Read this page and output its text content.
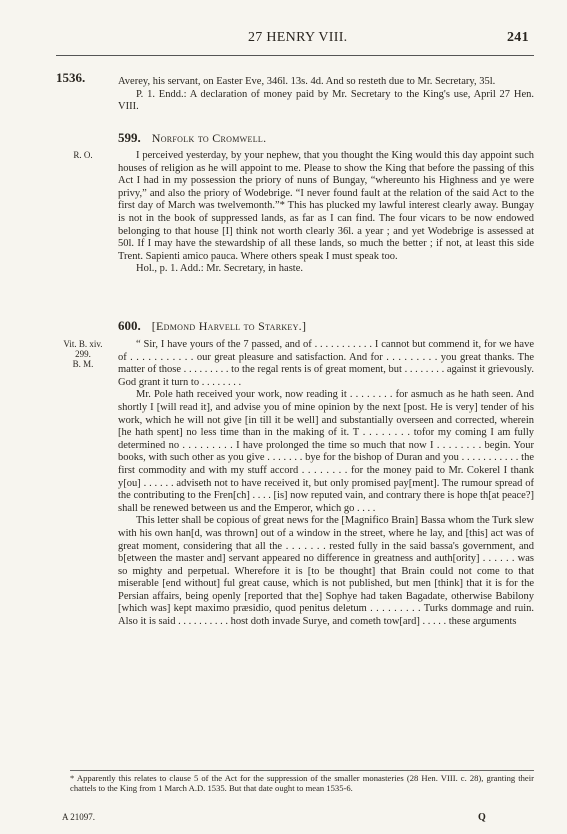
27 HENRY VIII.	241
1536.	Averey, his servant, on Easter Eve, 346l. 13s. 4d. And so resteth due to Mr. Secretary, 35l.

P. 1. Endd.: A declaration of money paid by Mr. Secretary to the King's use, April 27 Hen. VIII.

599. Norfolk to Cromwell.
R. O.	I perceived yesterday, by your nephew, that you thought the King would this day appoint such houses of religion as he will appoint to me. Please to show the King that before the passing of this Act I had in my possession the priory of nuns of Bungay, “whereunto his Highness and ye were privy,” and also the priory of Wodebrige. “I never found fault at the relation of the said Act to the first day of March was twelvemonth.”* This has plucked my lawful interest clearly away. Bungay is not in the book of suppressed lands, as far as I can find. The four vicars to be now endowed belonging to that house [I] think not worth clearly 36l. a year ; and yet Wodebrige is assessed at 50l. If I may have the stewardship of all these lands, so much the better ; if not, at least this side Trent. Sapienti amico pauca. Where others speak I must speak too.

Hol., p. 1. Add.: Mr. Secretary, in haste.

600. [Edmond Harvell to Starkey.]
Vit. B. xiv.
299.
B. M.

“ Sir, I have yours of the 7 passed, and of . . . . . . . . . . . I cannot but commend it, for we have of . . . . . . . . . . . our great pleasure and satisfaction. And for . . . . . . . . . you great thanks. The matter of those . . . . . . . . . to the regal rents is of great moment, but . . . . . . . . against it grievously. God grant it turn to . . . . . . . .

Mr. Pole hath received your work, now reading it . . . . . . . . for asmuch as he hath seen. And shortly I [will read it], and advise you of mine opinion by the next [post. He is very] tender of his work, which he will not give [in till it be well] and substantially overseen and corrected, wherein [he hath spent] no less time than in the making of it. T . . . . . . . . tofor my coming I am fully determined no . . . . . . . . . I have prolonged the time so much that now I . . . . . . . . begin. Your books, with such other as you give . . . . . . . bye for the bishop of Duran and you . . . . . . . . . . . the first commodity and with my stuff accord . . . . . . . . for the money paid to Mr. Cokerel I thank y[ou] . . . . . . adviseth not to have received it, but only promised pay[ment]. The rumour spread of the contributing to the Fren[ch] . . . . [is] now reputed vain, and contrary there is hope th[at peace?] shall be renewed between us and the Emperor, which go . . . .

This letter shall be copious of great news for the [Magnifico Brain] Bassa whom the Turk slew with his own han[d, was thrown] out of a window in the street, where he lay, and [this] act was of great moment, considering that all the . . . . . . . rested fully in the said bassa's government, and b[etween the master and] servant appeared no difference in greatness and auth[ority] . . . . . . was so mighty and perpetual. Wherefore it is [to be thought] that Brain could not come to that miserable [end without] ful great cause, which is not published, but men [think] that it is for the Persian affairs, being openly [reported that the] Sophye had taken Bagadate, otherwise Babilony [which was] kept maximo præsidio, quod penitus deletum . . . . . . . . . Turks dommage and ruin. Also it is said . . . . . . . . . . host doth invade Surye, and cometh tow[ard] . . . . . these arguments

* Apparently this relates to clause 5 of the Act for the suppression of the smaller monasteries (28 Hen. VIII. c. 28), granting their chattels to the King from 1 March A.D. 1535. But that date ought to mean 1535-6.
A 21097.	Q
